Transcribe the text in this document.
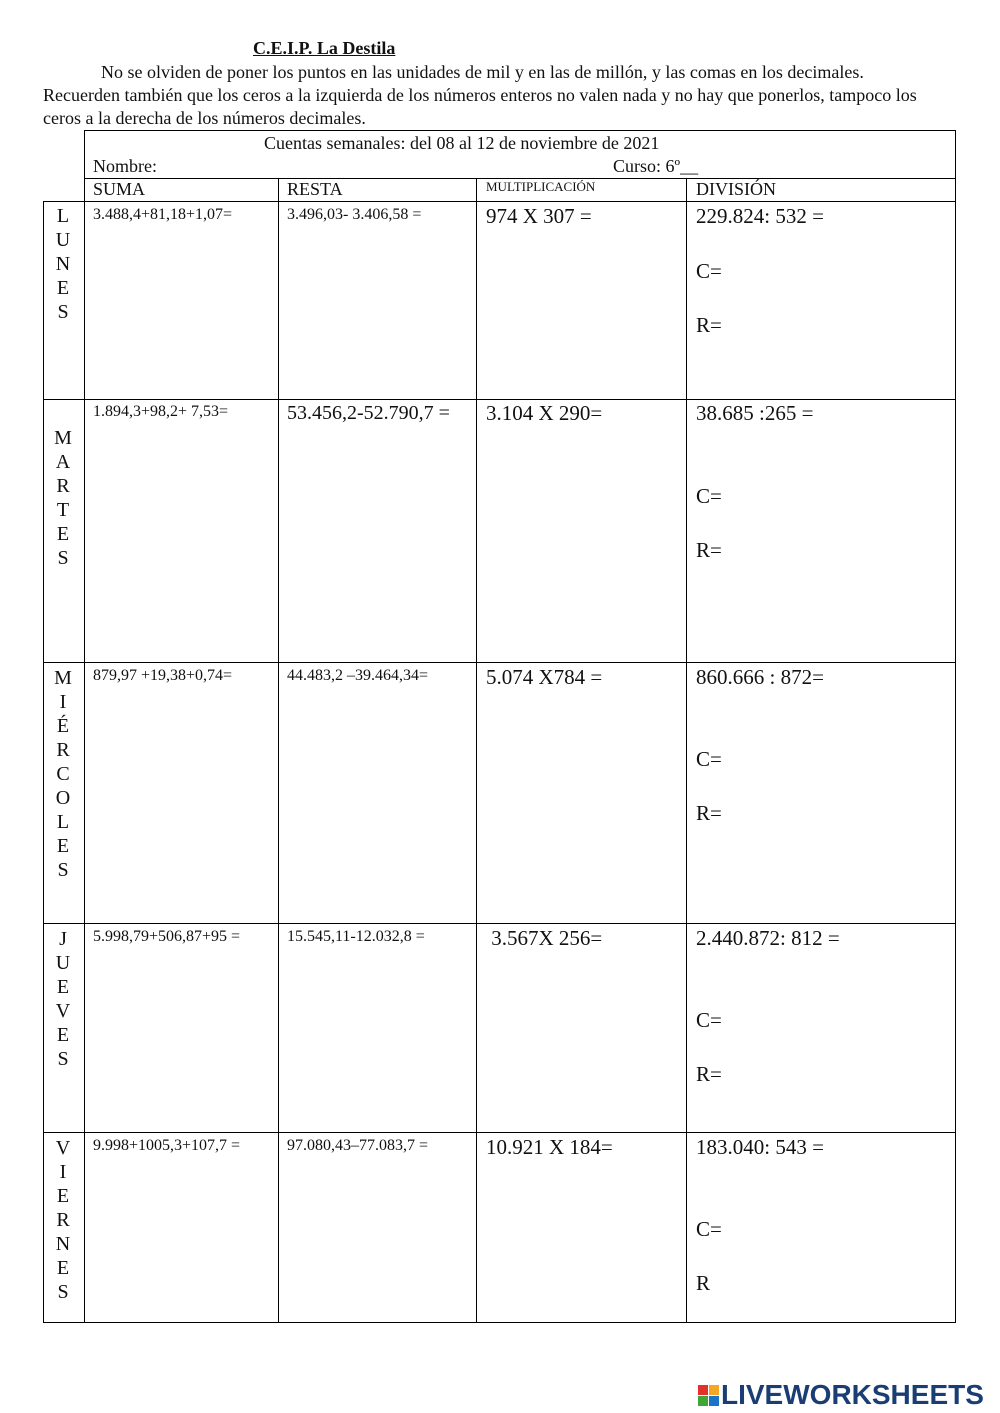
C.E.I.P. La Destila
No se olviden de poner los puntos en las unidades de mil y en las de millón, y las comas en los decimales. Recuerden también que los ceros a la izquierda de los números enteros no valen nada y no hay que ponerlos, tampoco los ceros a la derecha de los números decimales.
Cuentas semanales: del 08 al 12 de noviembre de 2021
Nombre:	Curso: 6º__
SUMA	RESTA	MULTIPLICACIÓN	DIVISIÓN
L
U
N
E
S
3.488,4+81,18+1,07=	3.496,03- 3.406,58 =	974 X 307 =	229.824: 532 =
C=
R=
M
A
R
T
E
S
1.894,3+98,2+ 7,53=	53.456,2-52.790,7 =	3.104 X 290=	38.685 :265 =
C=
R=
M
I
É
R
C
O
L
E
S
879,97 +19,38+0,74=	44.483,2 –39.464,34=	5.074 X784 =	860.666 : 872=
C=
R=
J
U
E
V
E
S
5.998,79+506,87+95 =	15.545,11-12.032,8 =	3.567X 256=	2.440.872: 812 =
C=
R=
V
I
E
R
N
E
S
9.998+1005,3+107,7 =	97.080,43–77.083,7 =	10.921 X 184=	183.040: 543 =
C=
R
LIVEWORKSHEETS
